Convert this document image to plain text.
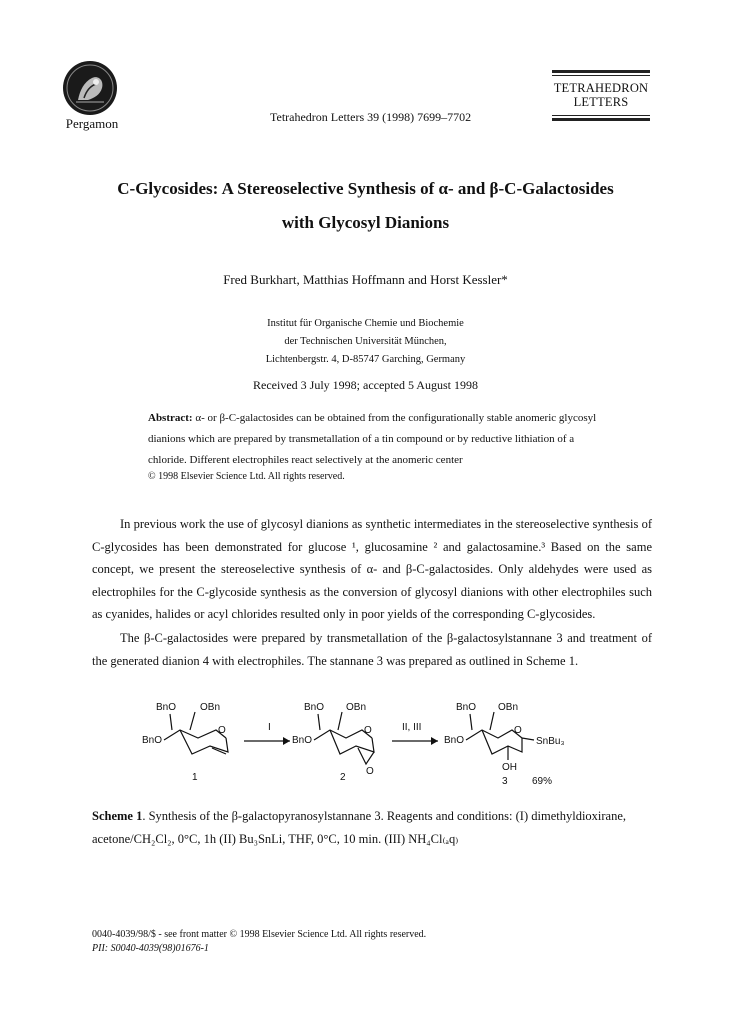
Pergamon	Tetrahedron Letters 39 (1998) 7699–7702
TETRAHEDRON
LETTERS
C-Glycosides: A Stereoselective Synthesis of α- and β-C-Galactosides
with Glycosyl Dianions
Fred Burkhart, Matthias Hoffmann and Horst Kessler*
Institut für Organische Chemie und Biochemie
der Technischen Universität München,
Lichtenbergstr. 4, D-85747 Garching, Germany
Received 3 July 1998; accepted 5 August 1998
Abstract: α- or β-C-galactosides can be obtained from the configurationally stable anomeric glycosyl dianions which are prepared by transmetallation of a tin compound or by reductive lithiation of a chloride. Different electrophiles react selectively at the anomeric center
© 1998 Elsevier Science Ltd. All rights reserved.
In previous work the use of glycosyl dianions as synthetic intermediates in the stereoselective synthesis of C-glycosides has been demonstrated for glucose ¹, glucosamine ² and galactosamine.³ Based on the same concept, we present the stereoselective synthesis of α- and β-C-galactosides. Only aldehydes were used as electrophiles for the C-glycoside synthesis as the conversion of glycosyl dianions with other electrophiles such as cyanides, halides or acyl chlorides resulted only in poor yields of the corresponding C-glycosides.
The β-C-galactosides were prepared by transmetallation of the β-galactosylstannane 3 and treatment of the generated dianion 4 with electrophiles. The stannane 3 was prepared as outlined in Scheme 1.
BnO OBn
BnO
O
1
I
BnO OBn
BnO
O
O
2
II, III
BnO OBn
BnO
O
SnBu₃
OH
3 69%
Scheme 1. Synthesis of the β-galactopyranosylstannane 3. Reagents and conditions: (I) dimethyldioxirane, acetone/CH₂Cl₂, 0°C, 1h (II) Bu₃SnLi, THF, 0°C, 10 min. (III) NH₄Cl₍ₐq₎
0040-4039/98/$ - see front matter © 1998 Elsevier Science Ltd. All rights reserved.
PII: S0040-4039(98)01676-1
